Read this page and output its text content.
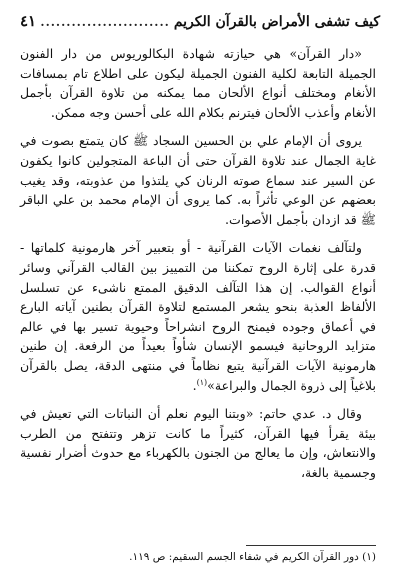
كيف تشفى الأمراض بالقرآن الكريم
.....
٤١

«دار القرآن» هي حيازته شهادة البكالوريوس من دار الفنون الجميلة التابعة لكلية الفنون الجميلة ليكون على اطلاع تام بمسافات الأنغام ومختلف أنواع الألحان مما يمكنه من تلاوة القرآن بأجمل الأنغام وأعذب الألحان فيترنم بكلام الله على أحسن وجه ممكن.

يروى أن الإمام علي بن الحسين السجاد ﷺ كان يتمتع بصوت في غاية الجمال عند تلاوة القرآن حتى أن الباعة المتجولين كانوا يكفون عن السير عند سماع صوته الرنان كي يلتذوا من عذوبته، وقد يغيب بعضهم عن الوعي تأثراً به. كما يروى أن الإمام محمد بن علي الباقر ﷺ قد ازدان بأجمل الأصوات.

ولتآلف نغمات الآيات القرآنية - أو بتعبير آخر هارمونية كلماتها - قدرة على إثارة الروح تمكننا من التمييز بين القالب القرآني وسائر أنواع القوالب. إن هذا التآلف الدقيق الممتع ناشىء عن تسلسل الألفاظ العذبة بنحو يشعر المستمع لتلاوة القرآن بطنين آياته البارع في أعماق وجوده فيمنح الروح انشراحاً وحيوية تسير بها في عالم متزايد الروحانية فيسمو الإنسان شأواً بعيداً من الرفعة. إن طنين هارمونية الآيات القرآنية يتبع نظاماً في منتهى الدقة، يصل بالقرآن بلاغياً إلى ذروة الجمال والبراعة»$^{(١)}$.

وقال د. عدي حاتم: «وبتنا اليوم نعلم أن النباتات التي تعيش في بيئة يقرأ فيها القرآن، كثيراً ما كانت تزهر وتتفتح من الطرب والانتعاش، وإن ما يعالج من الجنون بالكهرباء مع حدوث أضرار نفسية وجسمية بالغة،

(١) دور القرآن الكريم في شفاء الجسم السقيم: ص ١١٩.
